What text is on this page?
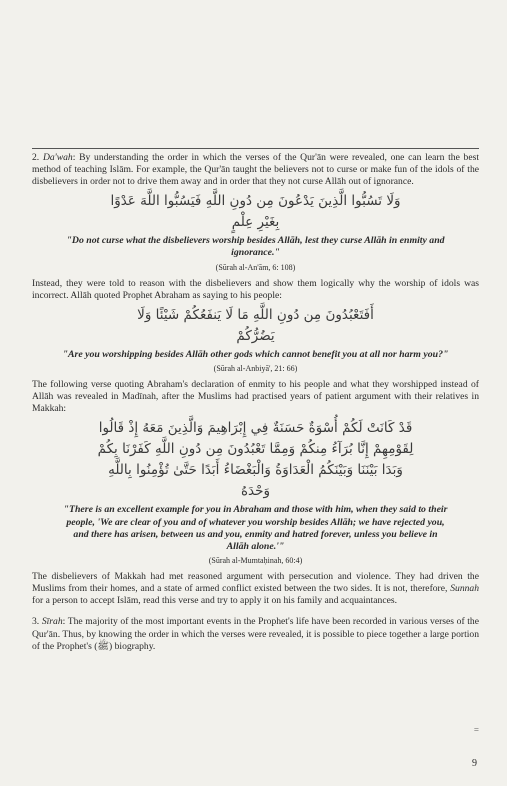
2. Da'wah: By understanding the order in which the verses of the Qur'ān were revealed, one can learn the best method of teaching Islām. For example, the Qur'ān taught the believers not to curse or make fun of the idols of the disbelievers in order not to drive them away and in order that they not curse Allāh out of ignorance.

وَلَا تَسُبُّوا الَّذِينَ يَدْعُونَ مِن دُونِ اللَّهِ فَيَسُبُّوا اللَّهَ عَدْوًا
بِغَيْرِ عِلْمٍ

"Do not curse what the disbelievers worship besides Allāh, lest they curse Allāh in enmity and ignorance."

(Sūrah al-An'ām, 6: 108)

Instead, they were told to reason with the disbelievers and show them logically why the worship of idols was incorrect. Allāh quoted Prophet Abraham as saying to his people:

أَفَتَعْبُدُونَ مِن دُونِ اللَّهِ مَا لَا يَنفَعُكُمْ شَيْئًا وَلَا
يَضُرُّكُمْ

"Are you worshipping besides Allāh other gods which cannot benefit you at all nor harm you?"

(Sūrah al-Anbiyā', 21: 66)

The following verse quoting Abraham's declaration of enmity to his people and what they worshipped instead of Allāh was revealed in Madīnah, after the Muslims had practised years of patient argument with their relatives in Makkah:

قَدْ كَانَتْ لَكُمْ أُسْوَةٌ حَسَنَةٌ فِي إِبْرَاهِيمَ وَالَّذِينَ مَعَهُ إِذْ قَالُوا
لِقَوْمِهِمْ إِنَّا بُرَآءُ مِنكُمْ وَمِمَّا تَعْبُدُونَ مِن دُونِ اللَّهِ كَفَرْنَا بِكُمْ
وَبَدَا بَيْنَنَا وَبَيْنَكُمُ الْعَدَاوَةُ وَالْبَغْضَاءُ أَبَدًا حَتَّىٰ تُؤْمِنُوا بِاللَّهِ
وَحْدَهُ

"There is an excellent example for you in Abraham and those with him, when they said to their people, 'We are clear of you and of whatever you worship besides Allāh; we have rejected you, and there has arisen, between us and you, enmity and hatred forever, unless you believe in Allāh alone.'"

(Sūrah al-Mumtaḥinah, 60:4)

The disbelievers of Makkah had met reasoned argument with persecution and violence. They had driven the Muslims from their homes, and a state of armed conflict existed between the two sides. It is not, therefore, Sunnah for a person to accept Islām, read this verse and try to apply it on his family and acquaintances.

3. Sīrah: The majority of the most important events in the Prophet's life have been recorded in various verses of the Qur'ān. Thus, by knowing the order in which the verses were revealed, it is possible to piece together a large portion of the Prophet's (ﷺ) biography.

=
9
